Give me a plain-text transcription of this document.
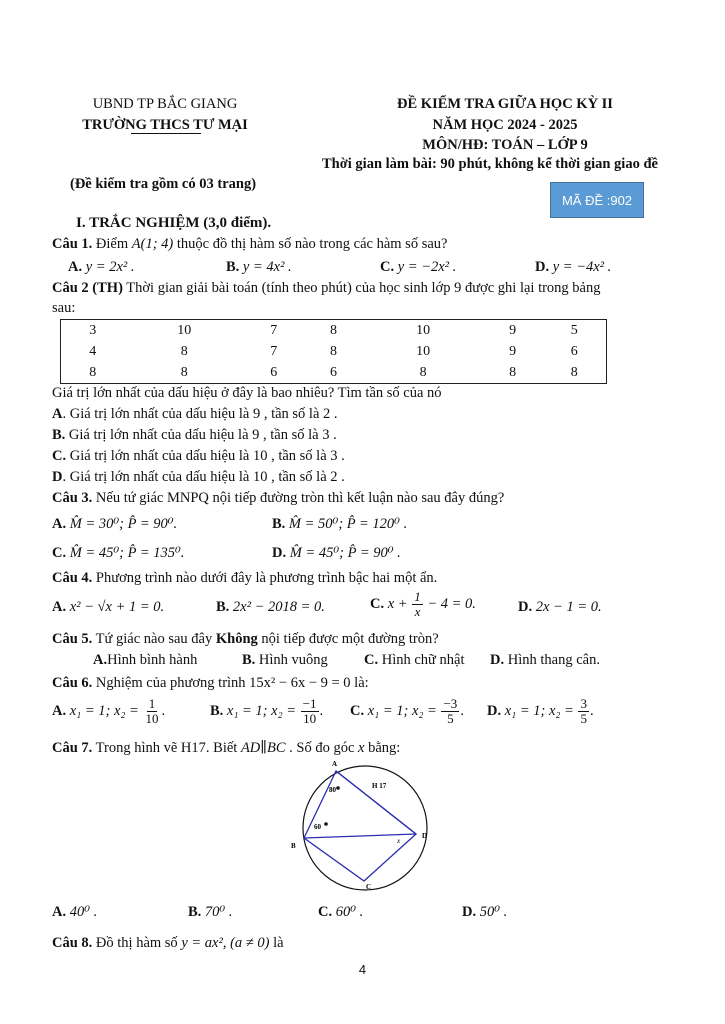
UBND TP BẮC GIANG
TRƯỜNG THCS TƯ MẠI
ĐỀ KIỂM TRA GIỮA HỌC KỲ II
NĂM HỌC 2024 - 2025
MÔN/HĐ: TOÁN – LỚP 9
Thời gian làm bài: 90 phút, không kể thời gian giao đề
(Đề kiểm tra gồm có 03 trang)
MÃ ĐỀ :902
I. TRẮC NGHIỆM (3,0 điểm).
Câu 1. Điểm A(1; 4) thuộc đồ thị hàm số nào trong các hàm số sau?
A. y = 2x² .	B. y = 4x² .	C. y = −2x² .	D. y = −4x² .
Câu 2 (TH) Thời gian giải bài toán (tính theo phút) của học sinh lớp 9 được ghi lại trong bảng
sau:
3	10	7	8	10	9	5
4	8	7	8	10	9	6
8	8	6	6	8	8	8
Giá trị lớn nhất của dấu hiệu ở đây là bao nhiêu? Tìm tần số của nó
A. Giá trị lớn nhất của dấu hiệu là 9 , tần số là 2 .
B. Giá trị lớn nhất của dấu hiệu là 9 , tần số là 3 .
C. Giá trị lớn nhất của dấu hiệu là 10 , tần số là 3 .
D. Giá trị lớn nhất của dấu hiệu là 10 , tần số là 2 .
Câu 3. Nếu tứ giác MNPQ nội tiếp đường tròn thì kết luận nào sau đây đúng?
A. M̂ = 30⁰; P̂ = 90⁰.	B. M̂ = 50⁰; P̂ = 120⁰ .
C. M̂ = 45⁰; P̂ = 135⁰.	D. M̂ = 45⁰; P̂ = 90⁰ .
Câu 4. Phương trình nào dưới đây là phương trình bậc hai một ẩn.
A. x² − √x + 1 = 0.	B. 2x² − 2018 = 0.	C. $x + \frac{1}{x} - 4 = 0$.	D. 2x − 1 = 0.
Câu 5. Tứ giác nào sau đây Không nội tiếp được một đường tròn?
A.Hình bình hành	B. Hình vuông C. Hình chữ nhật D. Hình thang cân.
Câu 6. Nghiệm của phương trình 15x² − 6x − 9 = 0 là:
A. x₁ = 1; $x_2 = \frac{1}{10}$ .	B. x₁ = 1; $x_2 = \frac{-1}{10}$ . C. x₁ = 1; $x_2 = \frac{-3}{5}$ . D. x₁ = 1; $x_2 = \frac{3}{5}$ .
Câu 7. Trong hình vẽ H17. Biết AD∥BC . Số đo góc x bằng:
A
B
C
D
H 17
80
60
x
A. 40⁰ .	B. 70⁰ .	C. 60⁰ .	D. 50⁰ .
Câu 8. Đồ thị hàm số y = ax², (a ≠ 0) là
4
